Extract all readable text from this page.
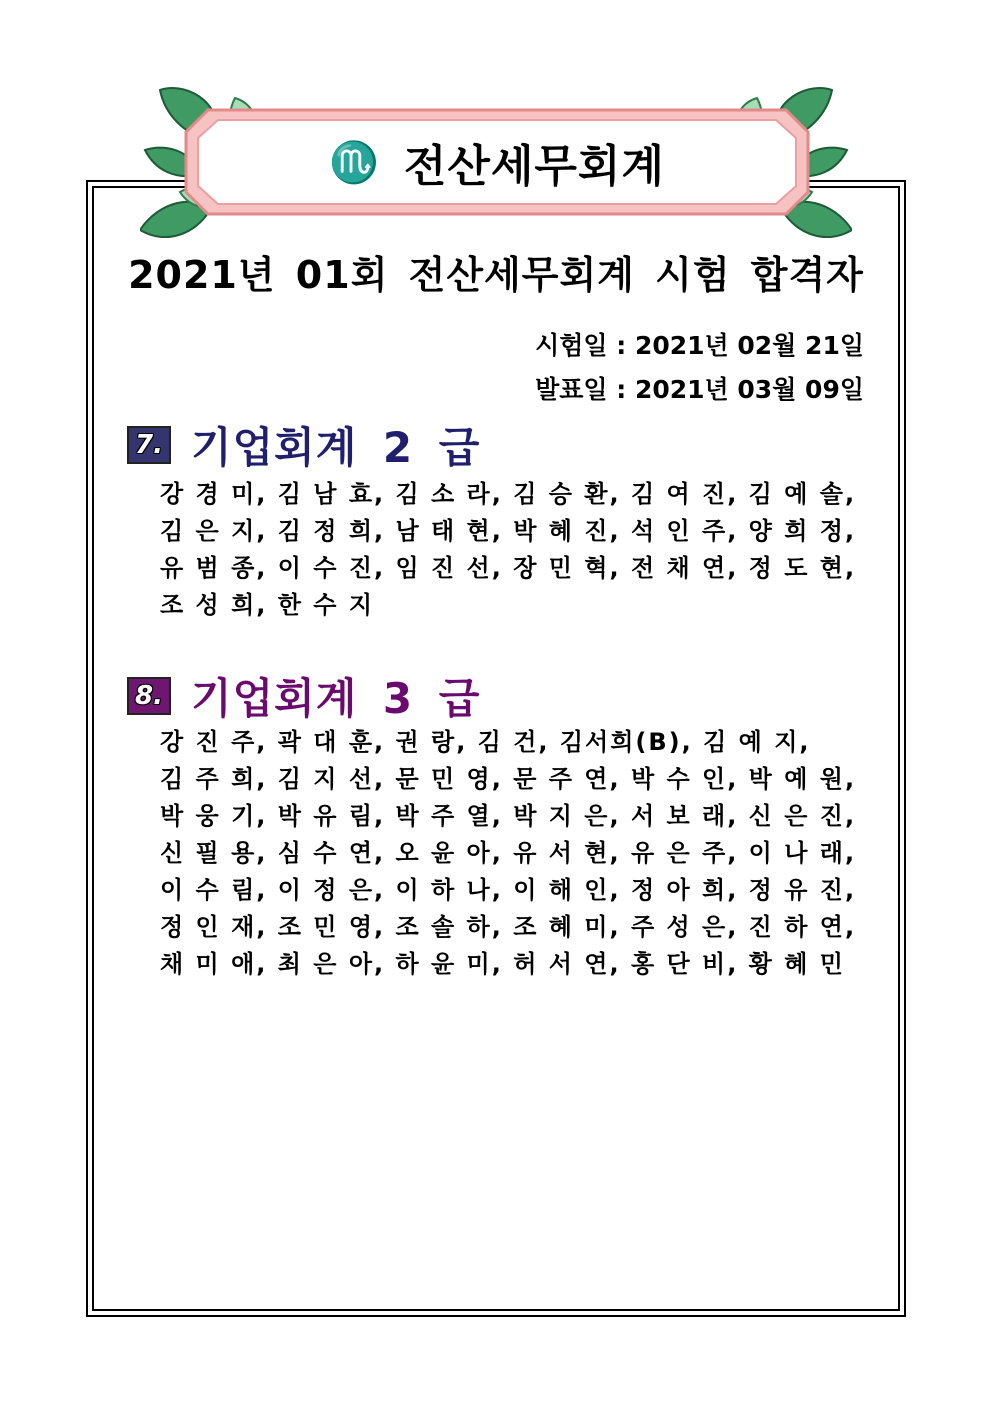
♏ 전산세무회계
2021년 01회 전산세무회계 시험 합격자
시험일 : 2021년 02월 21일
발표일 : 2021년 03월 09일
7. 기업회계 2 급
강 경 미, 김 남 효, 김 소 라, 김 승 환, 김 여 진, 김 예 솔,
김 은 지, 김 정 희, 남 태 현, 박 혜 진, 석 인 주, 양 희 정,
유 범 종, 이 수 진, 임 진 선, 장 민 혁, 전 채 연, 정 도 현,
조 성 희, 한 수 지
8. 기업회계 3 급
강 진 주, 곽 대 훈, 권 랑, 김 건, 김서희(B), 김 예 지,
김 주 희, 김 지 선, 문 민 영, 문 주 연, 박 수 인, 박 예 원,
박 웅 기, 박 유 림, 박 주 열, 박 지 은, 서 보 래, 신 은 진,
신 필 용, 심 수 연, 오 윤 아, 유 서 현, 유 은 주, 이 나 래,
이 수 림, 이 정 은, 이 하 나, 이 해 인, 정 아 희, 정 유 진,
정 인 재, 조 민 영, 조 솔 하, 조 혜 미, 주 성 은, 진 하 연,
채 미 애, 최 은 아, 하 윤 미, 허 서 연, 홍 단 비, 황 혜 민
